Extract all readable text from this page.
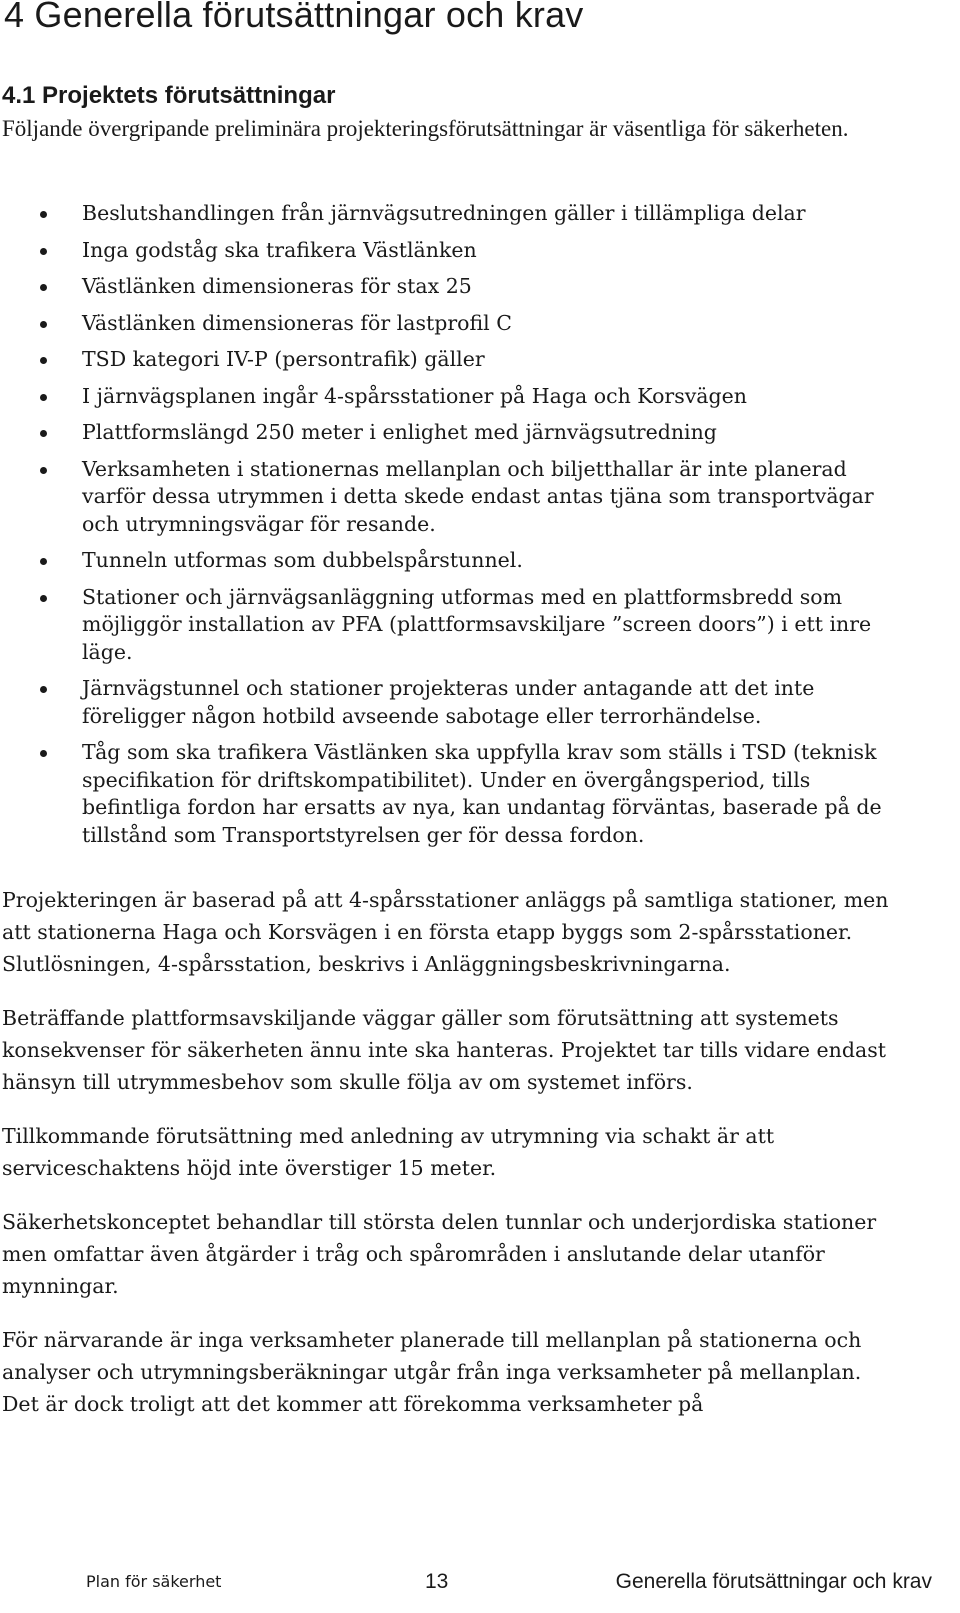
4 Generella förutsättningar och krav
4.1 Projektets förutsättningar

Följande övergripande preliminära projekteringsförutsättningar är väsentliga för säkerheten.

Beslutshandlingen från järnvägsutredningen gäller i tillämpliga delar
Inga godståg ska trafikera Västlänken
Västlänken dimensioneras för stax 25
Västlänken dimensioneras för lastprofil C
TSD kategori IV-P (persontrafik) gäller
I järnvägsplanen ingår 4-spårsstationer på Haga och Korsvägen
Plattformslängd 250 meter i enlighet med järnvägsutredning
Verksamheten i stationernas mellanplan och biljetthallar är inte planerad varför dessa utrymmen i detta skede endast antas tjäna som transportvägar och utrymningsvägar för resande.
Tunneln utformas som dubbelspårstunnel.
Stationer och järnvägsanläggning utformas med en plattformsbredd som möjliggör installation av PFA (plattformsavskiljare ”screen doors”) i ett inre läge.
Järnvägstunnel och stationer projekteras under antagande att det inte föreligger någon hotbild avseende sabotage eller terrorhändelse.
Tåg som ska trafikera Västlänken ska uppfylla krav som ställs i TSD (teknisk specifikation för driftskompatibilitet). Under en övergångsperiod, tills befintliga fordon har ersatts av nya, kan undantag förväntas, baserade på de tillstånd som Transportstyrelsen ger för dessa fordon.

Projekteringen är baserad på att 4-spårsstationer anläggs på samtliga stationer, men att stationerna Haga och Korsvägen i en första etapp byggs som 2-spårsstationer. Slutlösningen, 4-spårsstation, beskrivs i Anläggningsbeskrivningarna.

Beträffande plattformsavskiljande väggar gäller som förutsättning att systemets konsekvenser för säkerheten ännu inte ska hanteras. Projektet tar tills vidare endast hänsyn till utrymmesbehov som skulle följa av om systemet införs.

Tillkommande förutsättning med anledning av utrymning via schakt är att serviceschaktens höjd inte överstiger 15 meter.

Säkerhetskonceptet behandlar till största delen tunnlar och underjordiska stationer men omfattar även åtgärder i tråg och spårområden i anslutande delar utanför mynningar.

För närvarande är inga verksamheter planerade till mellanplan på stationerna och analyser och utrymningsberäkningar utgår från inga verksamheter på mellanplan. Det är dock troligt att det kommer att förekomma verksamheter på

Plan för säkerhet	13	Generella förutsättningar och krav
